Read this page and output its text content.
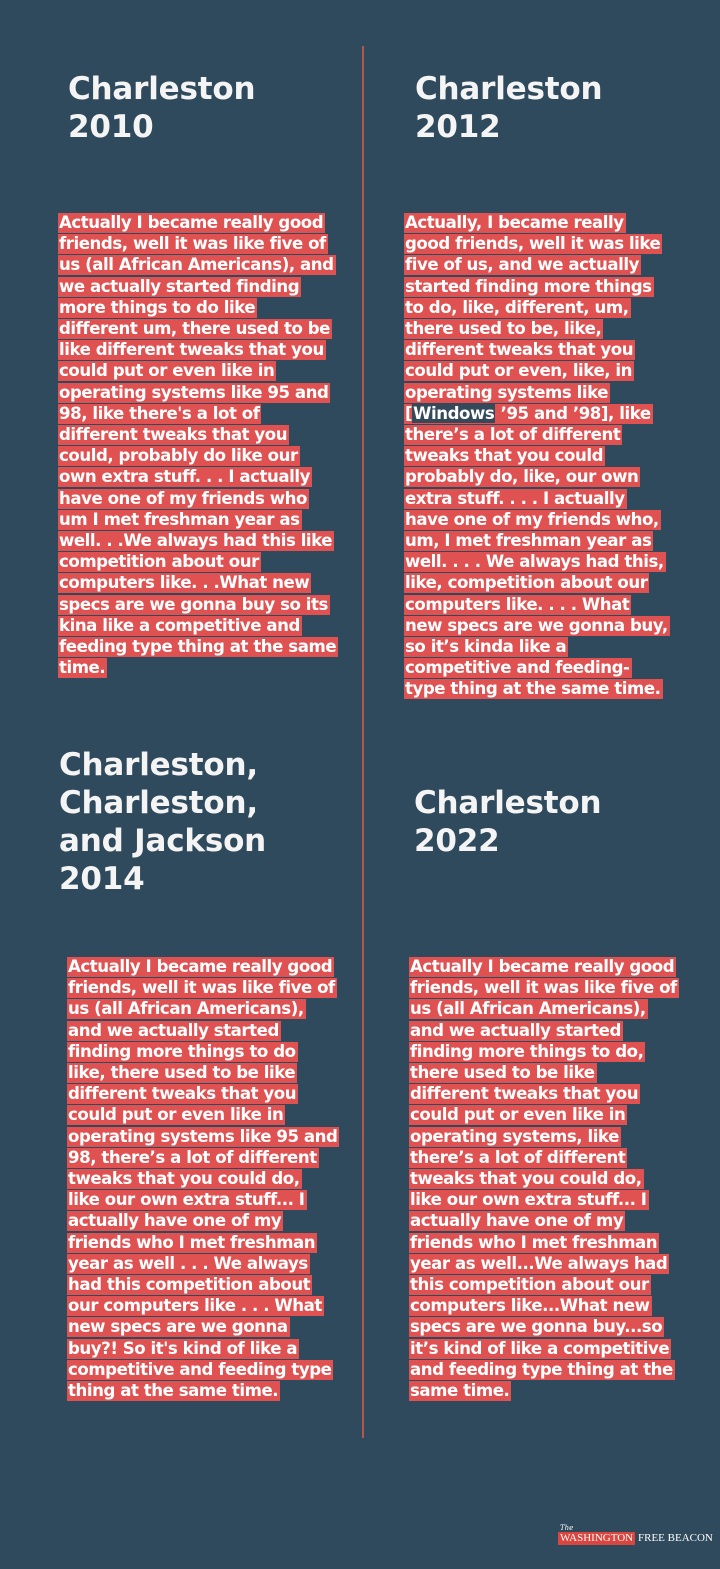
Charleston
2010

Actually I became really good
friends, well it was like five of
us (all African Americans), and
we actually started finding
more things to do like
different um, there used to be
like different tweaks that you
could put or even like in
operating systems like 95 and
98, like there's a lot of
different tweaks that you
could, probably do like our
own extra stuff. . . I actually
have one of my friends who
um I met freshman year as
well. . .We always had this like
competition about our
computers like. . .What new
specs are we gonna buy so its
kina like a competitive and
feeding type thing at the same
time.

Charleston
2012

Actually, I became really
good friends, well it was like
five of us, and we actually
started finding more things
to do, like, different, um,
there used to be, like,
different tweaks that you
could put or even, like, in
operating systems like
[Windows ’95 and ’98], like
there’s a lot of different
tweaks that you could
probably do, like, our own
extra stuff. . . . I actually
have one of my friends who,
um, I met freshman year as
well. . . . We always had this,
like, competition about our
computers like. . . . What
new specs are we gonna buy,
so it’s kinda like a
competitive and feeding-
type thing at the same time.

Charleston,
Charleston,
and Jackson
2014

Actually I became really good
friends, well it was like five of
us (all African Americans),
and we actually started
finding more things to do
like, there used to be like
different tweaks that you
could put or even like in
operating systems like 95 and
98, there’s a lot of different
tweaks that you could do,
like our own extra stuff... I
actually have one of my
friends who I met freshman
year as well . . . We always
had this competition about
our computers like . . . What
new specs are we gonna
buy?! So it's kind of like a
competitive and feeding type
thing at the same time.

Charleston
2022

Actually I became really good
friends, well it was like five of
us (all African Americans),
and we actually started
finding more things to do,
there used to be like
different tweaks that you
could put or even like in
operating systems, like
there’s a lot of different
tweaks that you could do,
like our own extra stuff... I
actually have one of my
friends who I met freshman
year as well...We always had
this competition about our
computers like...What new
specs are we gonna buy...so
it’s kind of like a competitive
and feeding type thing at the
same time.

The
WASHINGTON FREE BEACON
